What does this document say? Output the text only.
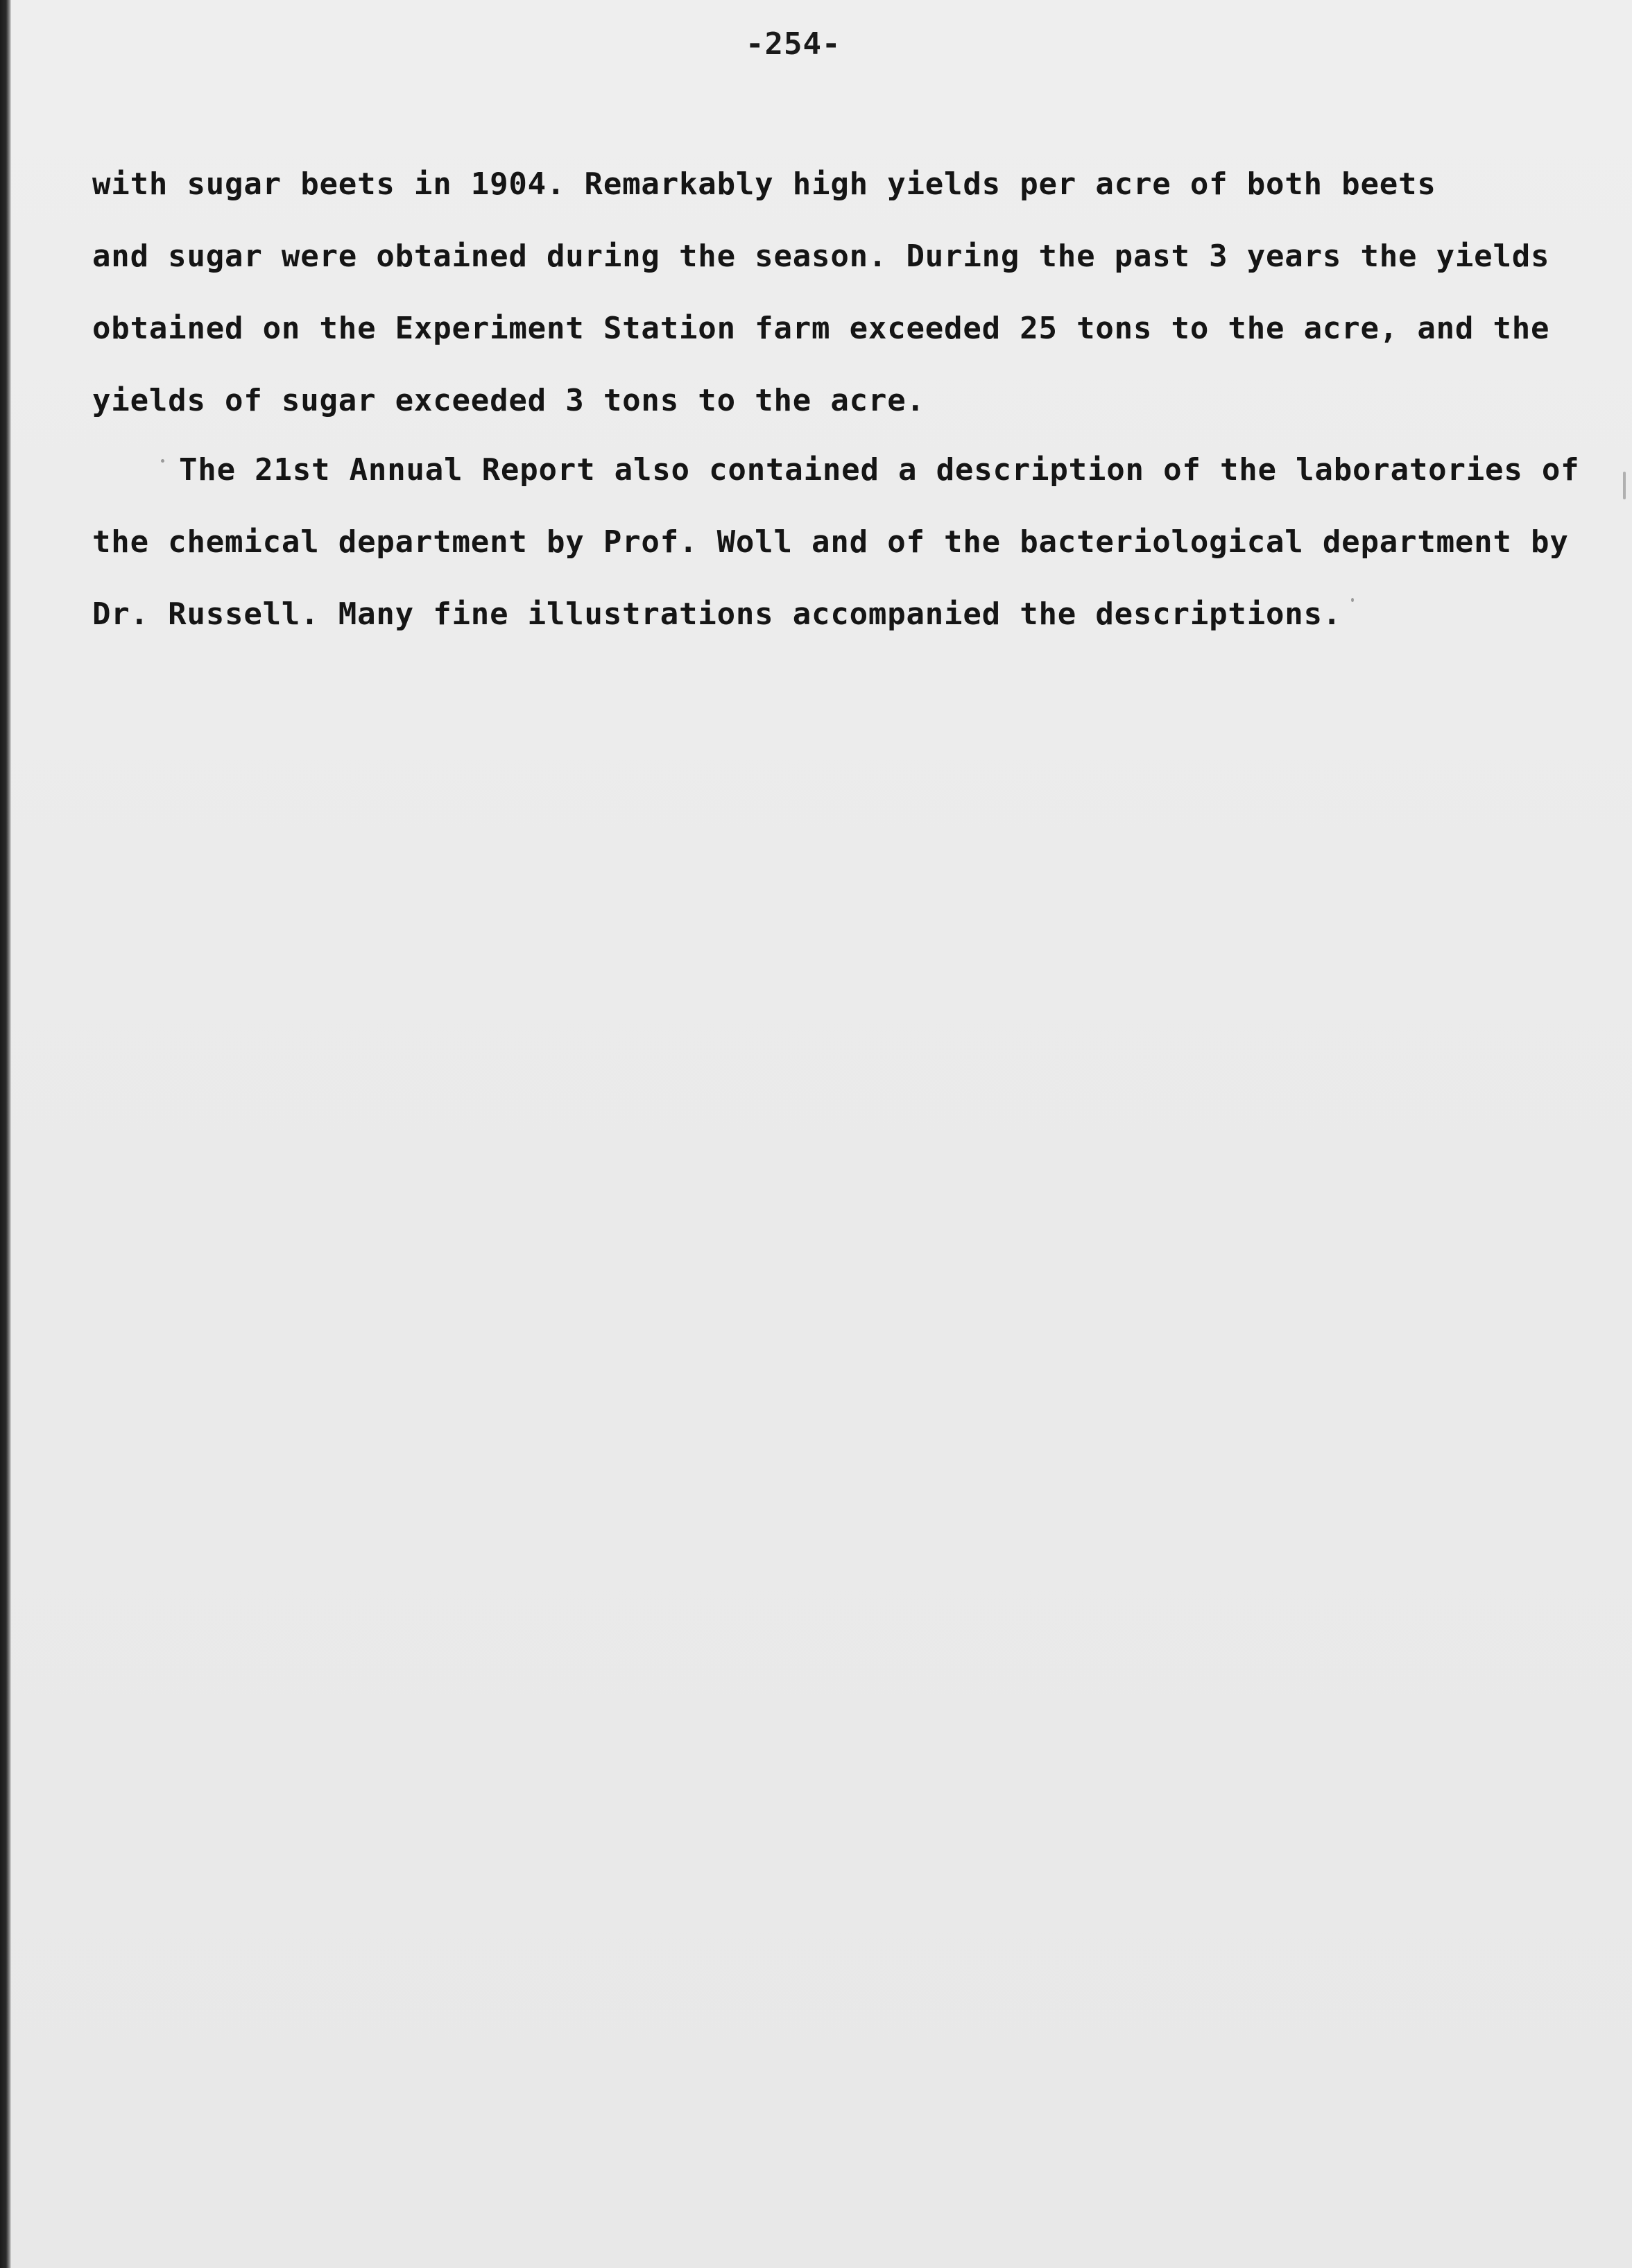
-254-
with sugar beets in 1904. Remarkably high yields per acre of both beets
and sugar were obtained during the season. During the past 3 years the yields
obtained on the Experiment Station farm exceeded 25 tons to the acre, and the
yields of sugar exceeded 3 tons to the acre.
The 21st Annual Report also contained a description of the laboratories of
the chemical department by Prof. Woll and of the bacteriological department by
Dr. Russell. Many fine illustrations accompanied the descriptions.
